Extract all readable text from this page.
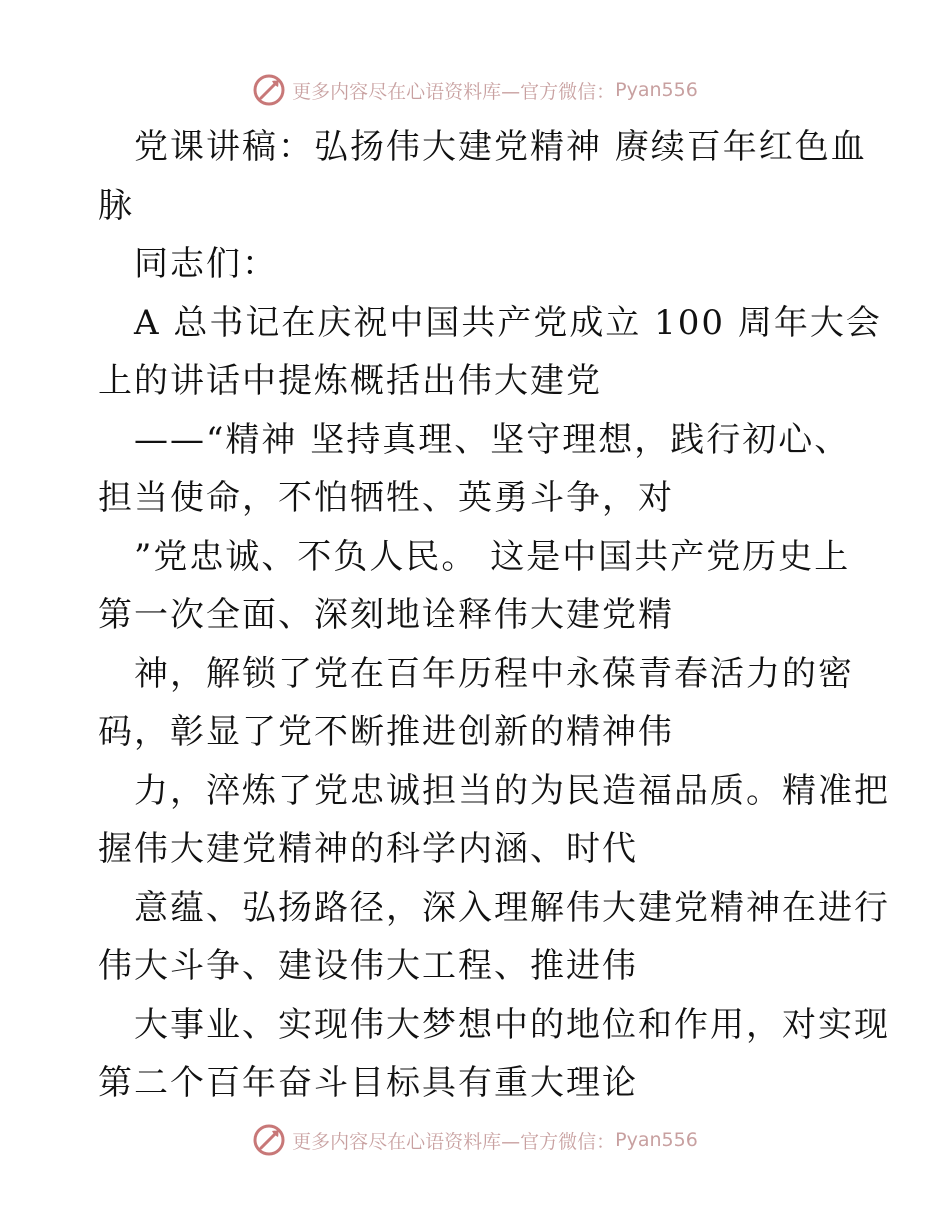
更多内容尽在心语资料库—官方微信： Pyan556
党课讲稿：弘扬伟大建党精神 赓续百年红色血
脉
同志们：
A 总书记在庆祝中国共产党成立 100 周年大会
上的讲话中提炼概括出伟大建党
——“精神 坚持真理、坚守理想，践行初心、
担当使命，不怕牺牲、英勇斗争，对
”党忠诚、不负人民。 这是中国共产党历史上
第一次全面、深刻地诠释伟大建党精
神，解锁了党在百年历程中永葆青春活力的密
码，彰显了党不断推进创新的精神伟
力，淬炼了党忠诚担当的为民造福品质。精准把
握伟大建党精神的科学内涵、时代
意蕴、弘扬路径，深入理解伟大建党精神在进行
伟大斗争、建设伟大工程、推进伟
大事业、实现伟大梦想中的地位和作用，对实现
第二个百年奋斗目标具有重大理论
更多内容尽在心语资料库—官方微信： Pyan556
